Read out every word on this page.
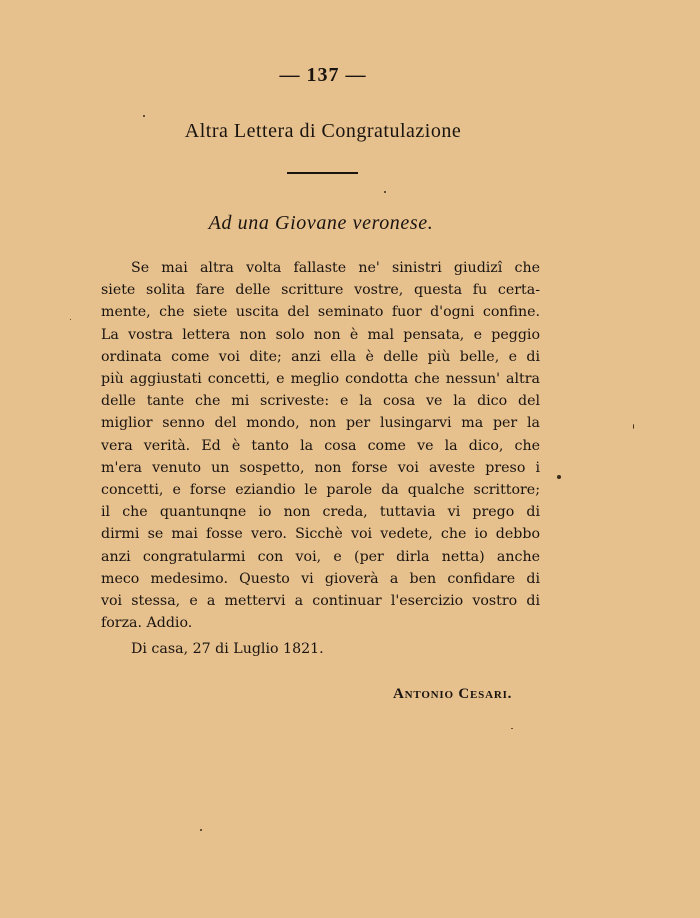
— 137 —
Altra Lettera di Congratulazione
Ad una Giovane veronese.
Se mai altra volta fallaste ne' sinistri giudizî che
siete solita fare delle scritture vostre, questa fu certa-
mente, che siete uscita del seminato fuor d'ogni confine.
La vostra lettera non solo non è mal pensata, e peggio
ordinata come voi dite; anzi ella è delle più belle, e di
più aggiustati concetti, e meglio condotta che nessun' altra
delle tante che mi scriveste: e la cosa ve la dico del
miglior senno del mondo, non per lusingarvi ma per la
vera verità. Ed è tanto la cosa come ve la dico, che
m'era venuto un sospetto, non forse voi aveste preso i
concetti, e forse eziandio le parole da qualche scrittore;
il che quantunqne io non creda, tuttavia vi prego di
dirmi se mai fosse vero. Sicchè voi vedete, che io debbo
anzi congratularmi con voi, e (per dirla netta) anche
meco medesimo. Questo vi gioverà a ben confidare di
voi stessa, e a mettervi a continuar l'esercizio vostro di
forza. Addio.
Di casa, 27 di Luglio 1821.
Antonio Cesari.
